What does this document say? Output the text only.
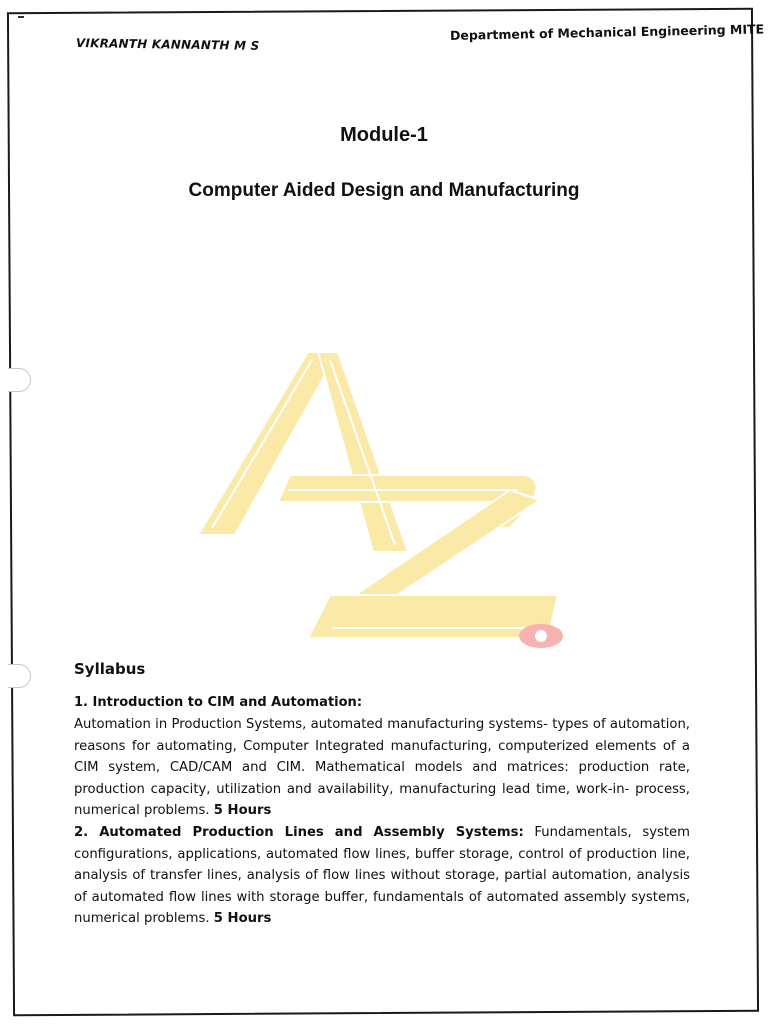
VIKRANTH KANNANTH M S
Department of Mechanical Engineering MITE
Module-1
Computer Aided Design and Manufacturing
Syllabus
1. Introduction to CIM and Automation:
Automation in Production Systems, automated manufacturing systems- types of automation, reasons for automating, Computer Integrated manufacturing, computerized elements of a CIM system, CAD/CAM and CIM. Mathematical models and matrices: production rate, production capacity, utilization and availability, manufacturing lead time, work-in- process, numerical problems. 5 Hours
2. Automated Production Lines and Assembly Systems: Fundamentals, system configurations, applications, automated flow lines, buffer storage, control of production line, analysis of transfer lines, analysis of flow lines without storage, partial automation, analysis of automated flow lines with storage buffer, fundamentals of automated assembly systems, numerical problems. 5 Hours
